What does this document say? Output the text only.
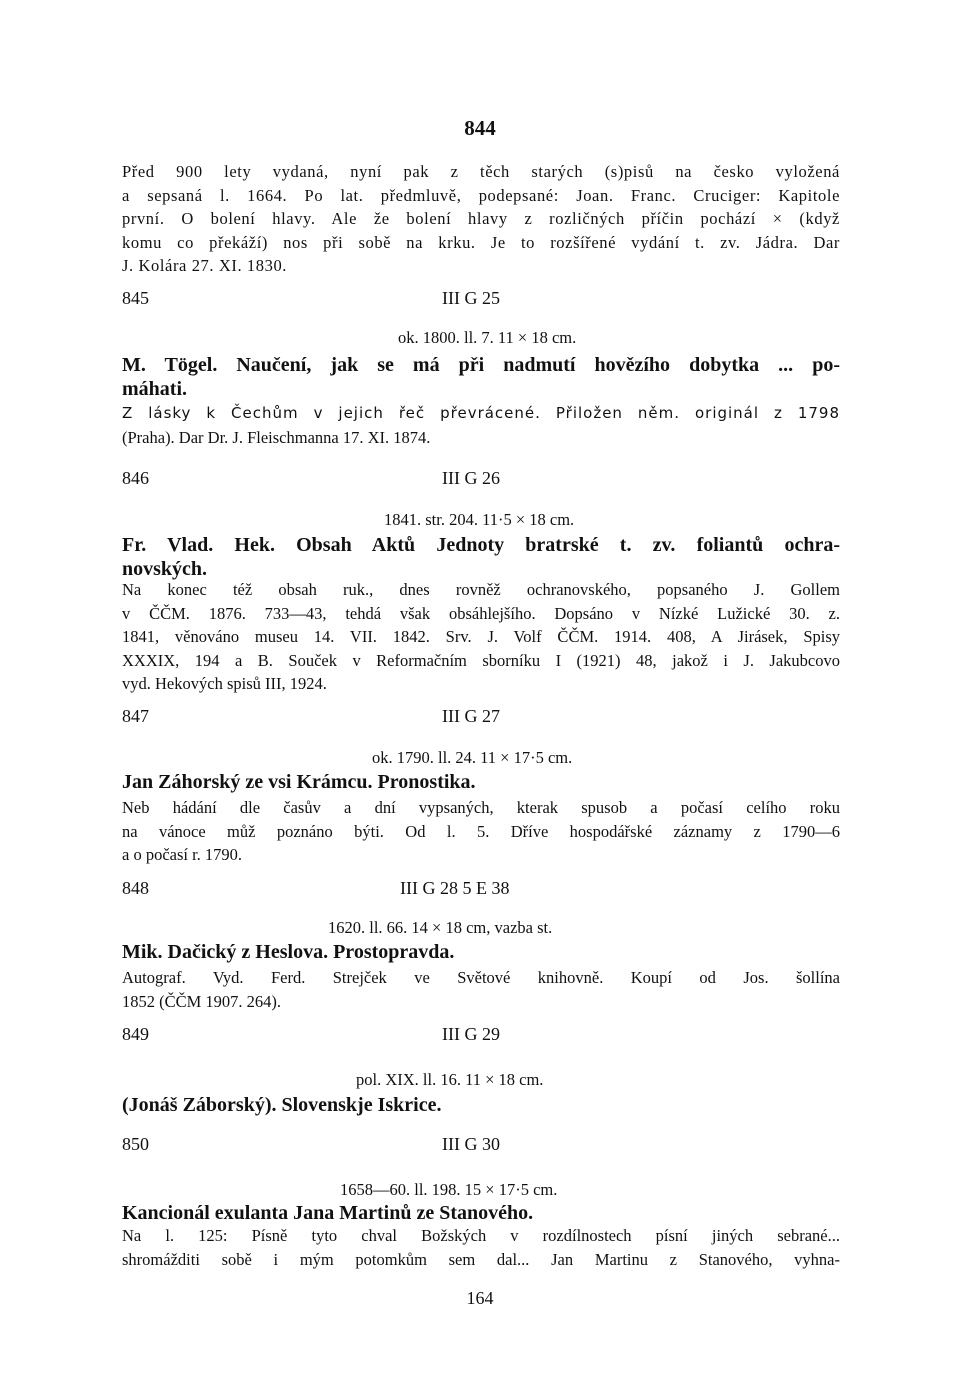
844
Před 900 lety vydaná, nyní pak z těch starých (s)pisů na česko vyložená
a sepsaná l. 1664. Po lat. předmluvě, podepsané: Joan. Franc. Cruciger: Kapitole
první. O bolení hlavy. Ale že bolení hlavy z rozličných příčin pochází × (když
komu co překáží) nos při sobě na krku. Je to rozšířené vydání t. zv. Jádra. Dar
J. Kolára 27. XI. 1830.
845	III G 25
ok. 1800. ll. 7. 11 × 18 cm.
M. Tögel. Naučení, jak se má při nadmutí hovězího dobytka ... po-
máhati.
Z lásky k Čechům v jejich řeč převrácené. Přiložen něm. originál z 1798
(Praha). Dar Dr. J. Fleischmanna 17. XI. 1874.
846	III G 26
1841. str. 204. 11·5 × 18 cm.
Fr. Vlad. Hek. Obsah Aktů Jednoty bratrské t. zv. foliantů ochra-
novských.
Na konec též obsah ruk., dnes rovněž ochranovského, popsaného J. Gollem
v ČČM. 1876. 733—43, tehdá však obsáhlejšího. Dopsáno v Nízké Lužické 30. z.
1841, věnováno museu 14. VII. 1842. Srv. J. Volf ČČM. 1914. 408, A Jirásek, Spisy
XXXIX, 194 a B. Souček v Reformačním sborníku I (1921) 48, jakož i J. Jakubcovo
vyd. Hekových spisů III, 1924.
847	III G 27
ok. 1790. ll. 24. 11 × 17·5 cm.
Jan Záhorský ze vsi Krámcu. Pronostika.
Neb hádání dle časův a dní vypsaných, kterak spusob a počasí celího roku
na vánoce můž poznáno býti. Od l. 5. Dříve hospodářské záznamy z 1790—6
a o počasí r. 1790.
848	III G 28 5 E 38
1620. ll. 66. 14 × 18 cm, vazba st.
Mik. Dačický z Heslova. Prostopravda.
Autograf. Vyd. Ferd. Strejček ve Světové knihovně. Koupí od Jos. šollína
1852 (ČČM 1907. 264).
849	III G 29
pol. XIX. ll. 16. 11 × 18 cm.
(Jonáš Záborský). Slovenskje Iskrice.
850	III G 30
1658—60. ll. 198. 15 × 17·5 cm.
Kancionál exulanta Jana Martinů ze Stanového.
Na l. 125: Písně tyto chval Božských v rozdílnostech písní jiných sebrané...
shromážditi sobě i mým potomkům sem dal... Jan Martinu z Stanového, vyhna-
164
